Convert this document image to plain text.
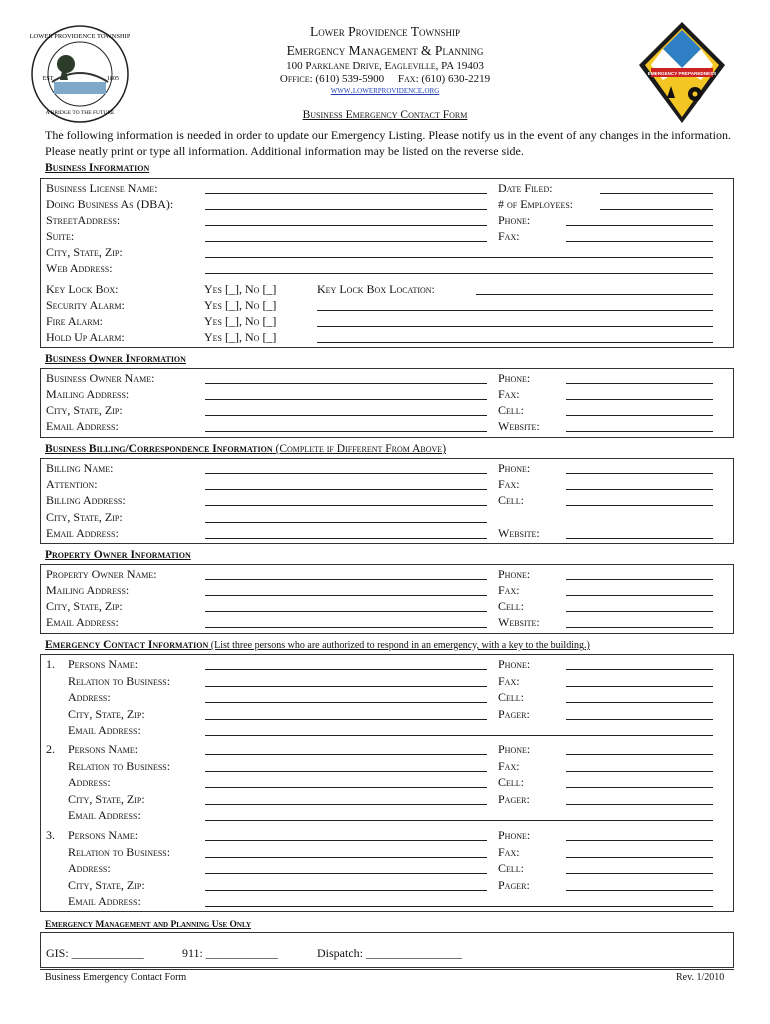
LOWER PROVIDENCE TOWNSHIP
EST
A BRIDGE TO THE FUTURE
1805
EMERGENCY PREPAREDNESS
Lower Providence Township
Emergency Management & Planning
100 Parklane Drive, Eagleville, PA 19403
Office: (610) 539-5900     Fax: (610) 630-2219
www.lowerprovidence.org
Business Emergency Contact Form
The following information is needed in order to update our Emergency Listing. Please notify us in the event of any changes in the information. Please neatly print or type all information. Additional information may be listed on the reverse side.
Business Information
Business License Name:	Date Filed:
Doing Business As (DBA):	# of Employees:
StreetAddress:	Phone:
Suite:	Fax:
City, State, Zip:
Web Address:
Key Lock Box:	Yes [_], No [_]	Key Lock Box Location:
Security Alarm:	Yes [_], No [_]
Fire Alarm:	Yes [_], No [_]
Hold Up Alarm:	Yes [_], No [_]
Business Owner Information
Business Owner Name:	Phone:
Mailing Address:	Fax:
City, State, Zip:	Cell:
Email Address:	Website:
Business Billing/Correspondence Information (Complete if Different From Above)
Billing Name:	Phone:
Attention:	Fax:
Billing Address:	Cell:
City, State, Zip:
Email Address:	Website:
Property Owner Information
Property Owner Name:	Phone:
Mailing Address:	Fax:
City, State, Zip:	Cell:
Email Address:	Website:
Emergency Contact Information (List three persons who are authorized to respond in an emergency, with a key to the building.)
1. Persons Name:	Phone:
Relation to Business:	Fax:
Address:	Cell:
City, State, Zip:	Pager:
Email Address:
2. Persons Name:	Phone:
Relation to Business:	Fax:
Address:	Cell:
City, State, Zip:	Pager:
Email Address:
3. Persons Name:	Phone:
Relation to Business:	Fax:
Address:	Cell:
City, State, Zip:	Pager:
Email Address:
Emergency Management and Planning Use Only
GIS: ____________	911: ____________	Dispatch: ________________
Business Emergency Contact Form	Rev. 1/2010
